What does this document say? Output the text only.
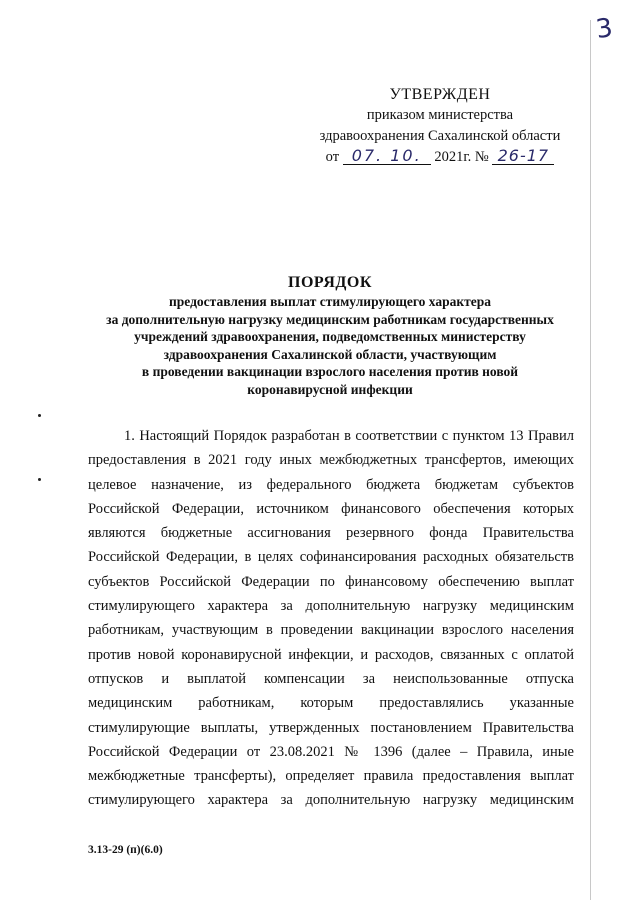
3
УТВЕРЖДЕН
приказом министерства
здравоохранения Сахалинской области
от 07. 10. 2021г. № 26-17
ПОРЯДОК
предоставления выплат стимулирующего характера
за дополнительную нагрузку медицинским работникам государственных
учреждений здравоохранения, подведомственных министерству
здравоохранения Сахалинской области, участвующим
в проведении вакцинации взрослого населения против новой
коронавирусной инфекции
1. Настоящий Порядок разработан в соответствии с пунктом 13 Правил
предоставления в 2021 году иных межбюджетных трансфертов, имеющих
целевое назначение, из федерального бюджета бюджетам субъектов
Российской Федерации, источником финансового обеспечения которых
являются бюджетные ассигнования резервного фонда Правительства
Российской Федерации, в целях софинансирования расходных обязательств
субъектов Российской Федерации по финансовому обеспечению выплат
стимулирующего характера за дополнительную нагрузку медицинским
работникам, участвующим в проведении вакцинации взрослого населения
против новой коронавирусной инфекции, и расходов, связанных с оплатой
отпусков и выплатой компенсации за неиспользованные отпуска
медицинским работникам, которым предоставлялись указанные
стимулирующие выплаты, утвержденных постановлением Правительства
Российской Федерации от 23.08.2021 № 1396 (далее – Правила, иные
межбюджетные трансферты), определяет правила предоставления выплат
стимулирующего характера за дополнительную нагрузку медицинским
3.13-29 (п)(6.0)
